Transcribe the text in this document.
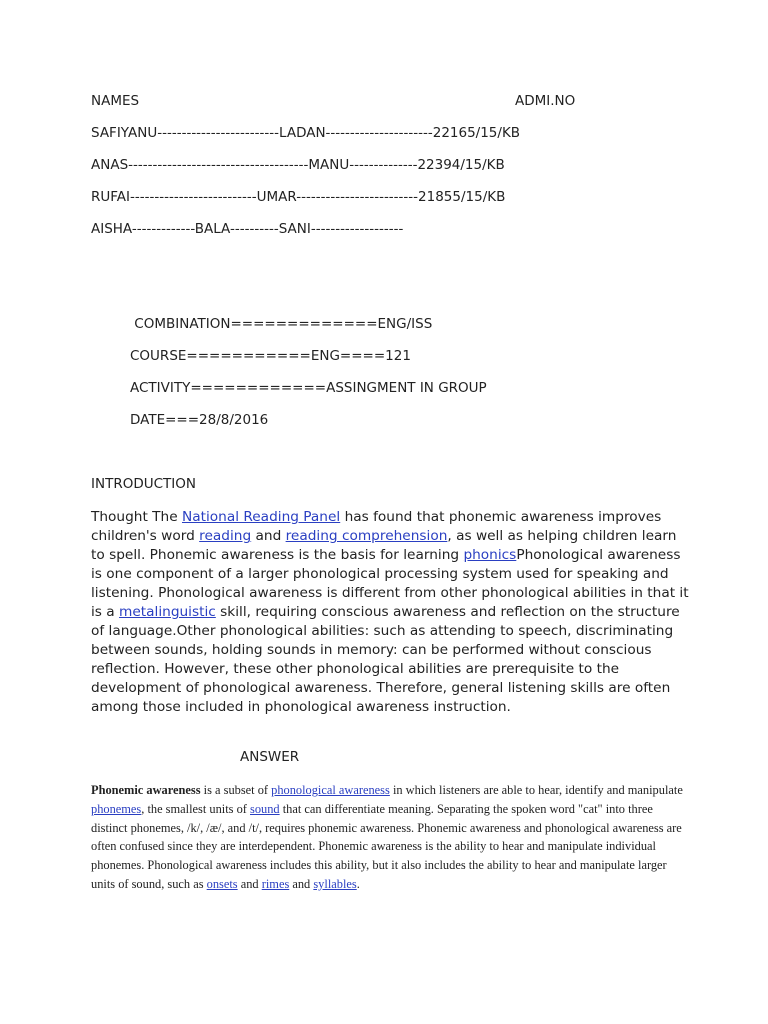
NAMES	ADMI.NO
SAFIYANU-------------------------LADAN----------------------22165/15/KB
ANAS-------------------------------------MANU--------------22394/15/KB
RUFAI--------------------------UMAR-------------------------21855/15/KB
AISHA-------------BALA----------SANI-------------------
COMBINATION=============ENG/ISS
COURSE===========ENG====121
ACTIVITY============ASSINGMENT IN GROUP
DATE===28/8/2016
INTRODUCTION
Thought The National Reading Panel has found that phonemic awareness improves children's word reading and reading comprehension, as well as helping children learn to spell. Phonemic awareness is the basis for learning phonicsPhonological awareness is one component of a larger phonological processing system used for speaking and listening. Phonological awareness is different from other phonological abilities in that it is a metalinguistic skill, requiring conscious awareness and reflection on the structure of language.Other phonological abilities: such as attending to speech, discriminating between sounds, holding sounds in memory: can be performed without conscious reflection. However, these other phonological abilities are prerequisite to the development of phonological awareness. Therefore, general listening skills are often among those included in phonological awareness instruction.
ANSWER
Phonemic awareness is a subset of phonological awareness in which listeners are able to hear, identify and manipulate phonemes, the smallest units of sound that can differentiate meaning. Separating the spoken word "cat" into three distinct phonemes, /k/, /æ/, and /t/, requires phonemic awareness. Phonemic awareness and phonological awareness are often confused since they are interdependent. Phonemic awareness is the ability to hear and manipulate individual phonemes. Phonological awareness includes this ability, but it also includes the ability to hear and manipulate larger units of sound, such as onsets and rimes and syllables.
